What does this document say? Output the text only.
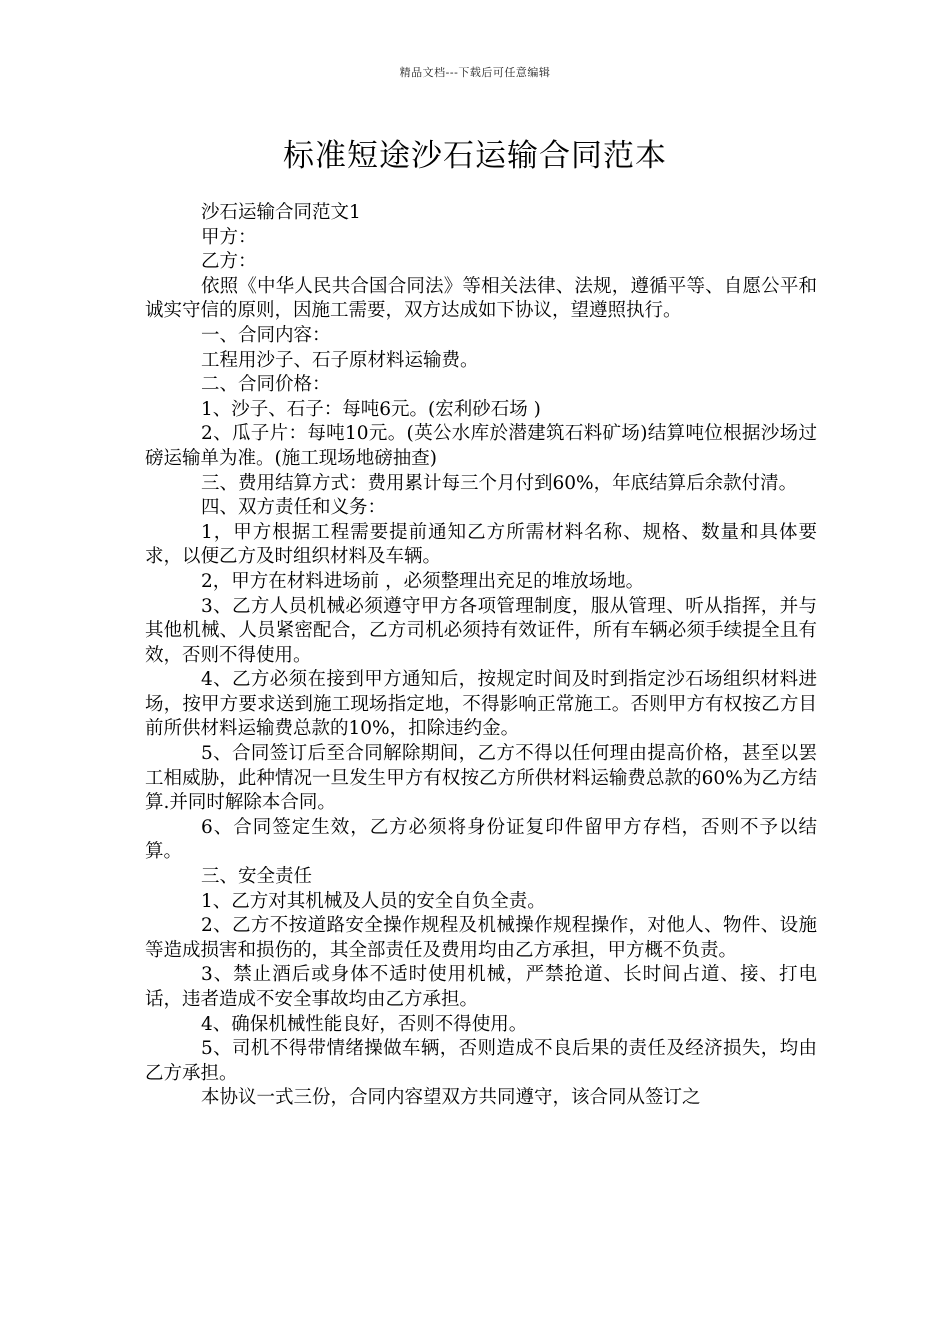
精品文档---下载后可任意编辑
标准短途沙石运输合同范本

沙石运输合同范文1

甲方：

乙方：

依照《中华人民共合国合同法》等相关法律、法规，遵循平等、自愿公平和诚实守信的原则，因施工需要，双方达成如下协议，望遵照执行。

一、合同内容：

工程用沙子、石子原材料运输费。

二、合同价格：

1、沙子、石子：每吨6元。(宏利砂石场 )

2、瓜子片：每吨10元。(英公水库於潜建筑石料矿场)结算吨位根据沙场过磅运输单为准。(施工现场地磅抽查)

三、费用结算方式：费用累计每三个月付到60%，年底结算后余款付清。

四、双方责任和义务：

1，甲方根据工程需要提前通知乙方所需材料名称、规格、数量和具体要求，以便乙方及时组织材料及车辆。

2，甲方在材料进场前 ，必须整理出充足的堆放场地。

3、乙方人员机械必须遵守甲方各项管理制度，服从管理、听从指挥，并与其他机械、人员紧密配合，乙方司机必须持有效证件，所有车辆必须手续提全且有效，否则不得使用。

4、乙方必须在接到甲方通知后，按规定时间及时到指定沙石场组织材料进场，按甲方要求送到施工现场指定地，不得影响正常施工。否则甲方有权按乙方目前所供材料运输费总款的10%，扣除违约金。

5、合同签订后至合同解除期间，乙方不得以任何理由提高价格，甚至以罢工相威胁，此种情况一旦发生甲方有权按乙方所供材料运输费总款的60%为乙方结算.并同时解除本合同。

6、合同签定生效，乙方必须将身份证复印件留甲方存档，否则不予以结算。

三、安全责任

1、乙方对其机械及人员的安全自负全责。

2、乙方不按道路安全操作规程及机械操作规程操作，对他人、物件、设施等造成损害和损伤的，其全部责任及费用均由乙方承担，甲方概不负责。

3、禁止酒后或身体不适时使用机械，严禁抢道、长时间占道、接、打电话，违者造成不安全事故均由乙方承担。

4、确保机械性能良好，否则不得使用。

5、司机不得带情绪操做车辆，否则造成不良后果的责任及经济损失，均由乙方承担。

本协议一式三份，合同内容望双方共同遵守，该合同从签订之
